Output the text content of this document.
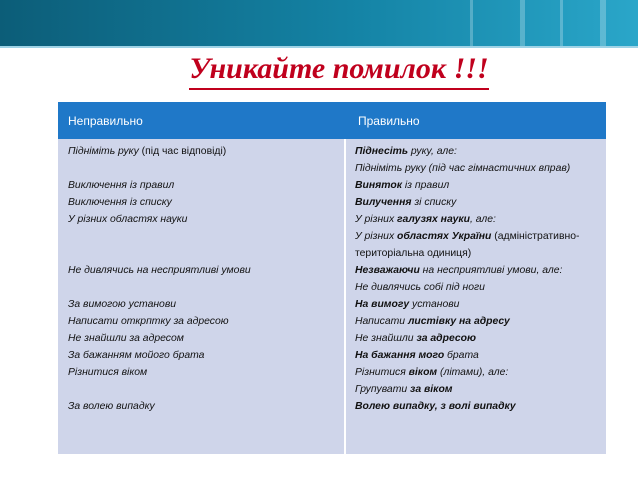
Уникайте помилок !!!
Неправильно	Правильно
Підніміть руку (під час відповіді)
Виключення із правил
Виключення із списку
У різних областях науки
Не дивлячись на несприятливі умови
За вимогою установи
Написати открптку за адресою
Не знайшли за адресом
За бажанням мойого брата
Різнитися віком
За волею випадку
Піднесіть руку, але:
Підніміть руку (під час гімнастичних вправ)
Виняток із правил
Вилучення зі списку
У різних галузях науки, але:
У різних областях України (адміністративно-
територіальна одиниця)
Незважаючи на несприятливі умови, але:
Не дивлячись собі під ноги
На вимогу установи
Написати листівку на адресу
Не знайшли за адресою
На бажання мого брата
Різнитися віком (літами), але:
Групувати за віком
Волею випадку, з волі випадку
